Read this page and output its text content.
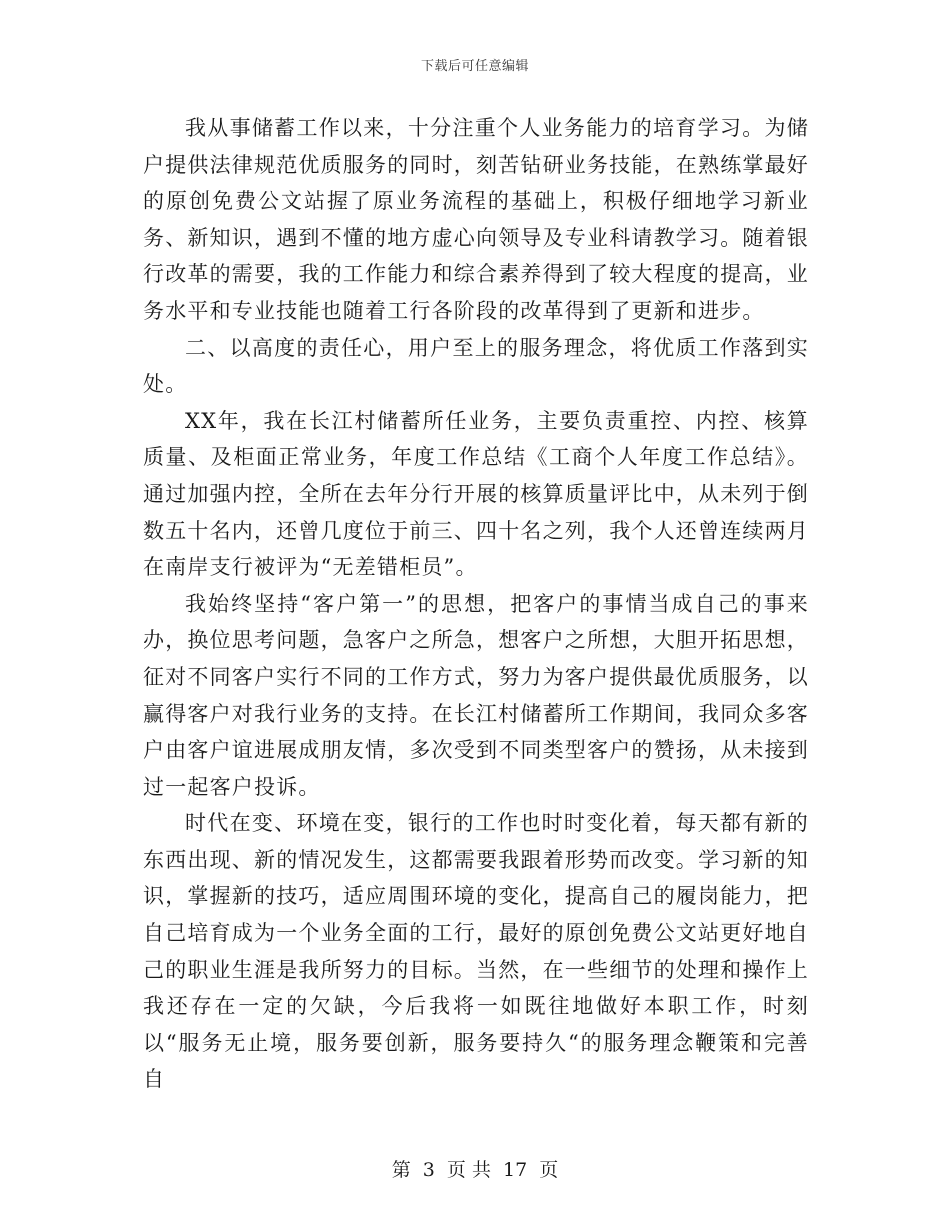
下载后可任意编辑

我从事储蓄工作以来，十分注重个人业务能力的培育学习。为储户提供法律规范优质服务的同时，刻苦钻研业务技能，在熟练掌最好的原创免费公文站握了原业务流程的基础上，积极仔细地学习新业务、新知识，遇到不懂的地方虚心向领导及专业科请教学习。随着银行改革的需要，我的工作能力和综合素养得到了较大程度的提高，业务水平和专业技能也随着工行各阶段的改革得到了更新和进步。

二、以高度的责任心，用户至上的服务理念，将优质工作落到实处。

XX年，我在长江村储蓄所任业务，主要负责重控、内控、核算质量、及柜面正常业务，年度工作总结《工商个人年度工作总结》。 通过加强内控，全所在去年分行开展的核算质量评比中，从未列于倒数五十名内，还曾几度位于前三、四十名之列，我个人还曾连续两月在南岸支行被评为“无差错柜员”。

我始终坚持“客户第一”的思想，把客户的事情当成自己的事来办，换位思考问题，急客户之所急，想客户之所想，大胆开拓思想，征对不同客户实行不同的工作方式，努力为客户提供最优质服务，以赢得客户对我行业务的支持。在长江村储蓄所工作期间，我同众多客户由客户谊进展成朋友情，多次受到不同类型客户的赞扬，从未接到过一起客户投诉。

时代在变、环境在变，银行的工作也时时变化着，每天都有新的东西出现、新的情况发生，这都需要我跟着形势而改变。学习新的知识，掌握新的技巧，适应周围环境的变化，提高自己的履岗能力，把自己培育成为一个业务全面的工行，最好的原创免费公文站更好地自己的职业生涯是我所努力的目标。当然，在一些细节的处理和操作上我还存在一定的欠缺，今后我将一如既往地做好本职工作，时刻以“服务无止境，服务要创新，服务要持久“的服务理念鞭策和完善自

第 3 页 共 17 页
